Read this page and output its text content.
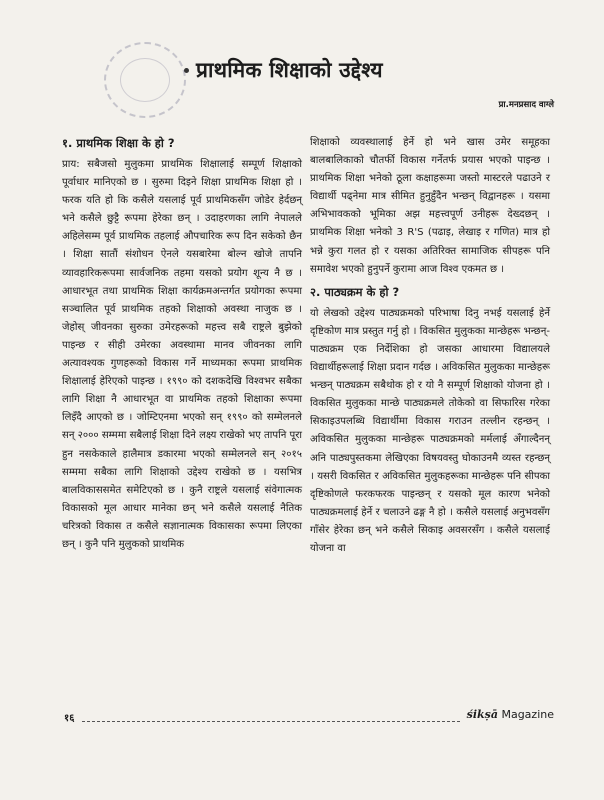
प्राथमिक शिक्षाको उद्देश्य
प्रा.मनप्रसाद वाग्ले
१. प्राथमिक शिक्षा के हो ?

प्राय: सबैजसो मुलुकमा प्राथमिक शिक्षालाई सम्पूर्ण शिक्षाको पूर्वाधार मानिएको छ । सुरुमा दिइने शिक्षा प्राथमिक शिक्षा हो । फरक यति हो कि कसैले यसलाई पूर्व प्राथमिकसँग जोडेर हेर्दछन् भने कसैले छुट्टै रूपमा हेरेका छन् । उदाहरणका लागि नेपालले अहिलेसम्म पूर्व प्राथमिक तहलाई औपचारिक रूप दिन सकेको छैन । शिक्षा सातौं संशोधन ऐनले यसबारेमा बोल्न खोजे तापनि व्यावहारिकरूपमा सार्वजनिक तहमा यसको प्रयोग शून्य नै छ । आधारभूत तथा प्राथमिक शिक्षा कार्यक्रमअन्तर्गत प्रयोगका रूपमा सञ्चालित पूर्व प्राथमिक तहको शिक्षाको अवस्था नाजुक छ । जेहोस् जीवनका सुरुका उमेरहरूको महत्त्व सबै राष्ट्रले बुझेको पाइन्छ र सीही उमेरका अवस्थामा मानव जीवनका लागि अत्यावश्यक गुणहरूको विकास गर्ने माध्यमका रूपमा प्राथमिक शिक्षालाई हेरिएको पाइन्छ । १९९० को दशकदेखि विश्वभर सबैका लागि शिक्षा नै आधारभूत वा प्राथमिक तहको शिक्षाका रूपमा लिइँदै आएको छ । जोम्टिएनमा भएको सन् १९९० को सम्मेलनले सन् २००० सम्ममा सबैलाई शिक्षा दिने लक्ष्य राखेको भए तापनि पूरा हुन नसकेकाले हालैमात्र डकारमा भएको सम्मेलनले सन् २०१५ सम्ममा सबैका लागि शिक्षाको उद्देश्य राखेको छ । यसभित्र बालविकाससमेत समेटिएको छ । कुनै राष्ट्रले यसलाई संवेगात्मक विकासको मूल आधार मानेका छन् भने कसैले यसलाई नैतिक चरित्रको विकास त कसैले सज्ञानात्मक विकासका रूपमा लिएका छन् । कुनै पनि मुलुकको प्राथमिक

शिक्षाको व्यवस्थालाई हेर्ने हो भने खास उमेर समूहका बालबालिकाको चौतर्फी विकास गर्नेतर्फ प्रयास भएको पाइन्छ । प्राथमिक शिक्षा भनेको ठूला कक्षाहरूमा जस्तो मास्टरले पढाउने र विद्यार्थी पढ्नेमा मात्र सीमित हुनुहुँदैन भन्छन् विद्वानहरू । यसमा अभिभावकको भूमिका अझ महत्त्वपूर्ण उनीहरू देख्दछन् । प्राथमिक शिक्षा भनेको 3 R'S (पढाइ, लेखाइ र गणित) मात्र हो भन्ने कुरा गलत हो र यसका अतिरिक्त सामाजिक सीपहरू पनि समावेश भएको हुनुपर्ने कुरामा आज विश्व एकमत छ ।

२. पाठ्यक्रम के हो ?

यो लेखको उद्देश्य पाठ्यक्रमको परिभाषा दिनु नभई यसलाई हेर्ने दृष्टिकोण मात्र प्रस्तुत गर्नु हो । विकसित मुलुकका मान्छेहरू भन्छन्- पाठ्यक्रम एक निर्देशिका हो जसका आधारमा विद्यालयले विद्यार्थीहरूलाई शिक्षा प्रदान गर्दछ । अविकसित मुलुकका मान्छेहरू भन्छन् पाठ्यक्रम सबैथोक हो र यो नै सम्पूर्ण शिक्षाको योजना हो । विकसित मुलुकका मान्छे पाठ्यक्रमले तोकेको वा सिफारिस गरेका सिकाइउपलब्धि विद्यार्थीमा विकास गराउन तल्लीन रहन्छन् । अविकसित मुलुकका मान्छेहरू पाठ्यक्रमको मर्मलाई अँगाल्दैनन् अनि पाठ्यपुस्तकमा लेखिएका विषयवस्तु घोकाउनमै व्यस्त रहन्छन् । यसरी विकसित र अविकसित मुलुकहरूका मान्छेहरू पनि सीपका दृष्टिकोणले फरकफरक पाइन्छन् र यसको मूल कारण भनेको पाठ्यक्रमलाई हेर्ने र चलाउने ढङ्ग नै हो । कसैले यसलाई अनुभवसँग गाँसेर हेरेका छन् भने कसैले सिकाइ अवसरसँग । कसैले यसलाई योजना वा

१६	śikṣā Magazine
